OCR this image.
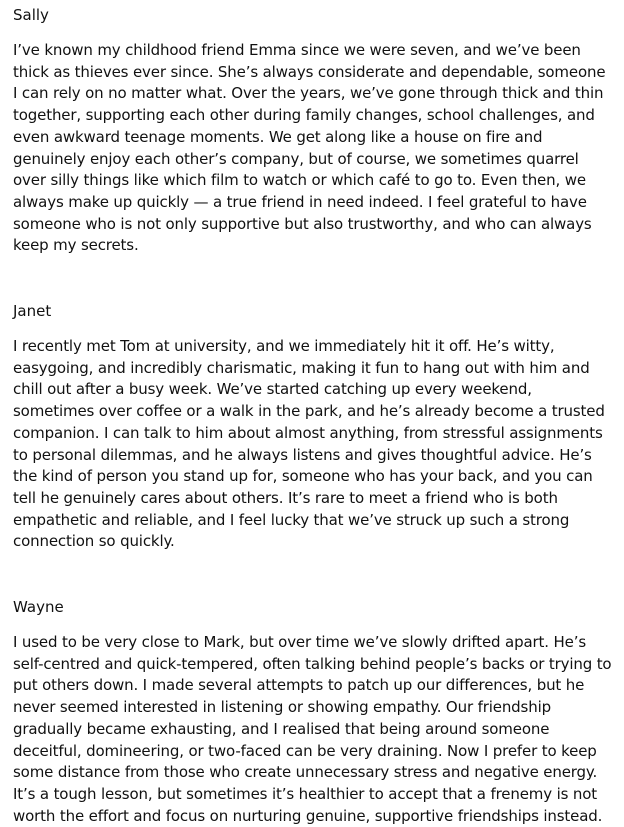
Sally

I’ve known my childhood friend Emma since we were seven, and we’ve been thick as thieves ever since. She’s always considerate and dependable, someone I can rely on no matter what. Over the years, we’ve gone through thick and thin together, supporting each other during family changes, school challenges, and even awkward teenage moments. We get along like a house on fire and genuinely enjoy each other’s company, but of course, we sometimes quarrel over silly things like which film to watch or which café to go to. Even then, we always make up quickly — a true friend in need indeed. I feel grateful to have someone who is not only supportive but also trustworthy, and who can always keep my secrets.

Janet

I recently met Tom at university, and we immediately hit it off. He’s witty, easygoing, and incredibly charismatic, making it fun to hang out with him and chill out after a busy week. We’ve started catching up every weekend, sometimes over coffee or a walk in the park, and he’s already become a trusted companion. I can talk to him about almost anything, from stressful assignments to personal dilemmas, and he always listens and gives thoughtful advice. He’s the kind of person you stand up for, someone who has your back, and you can tell he genuinely cares about others. It’s rare to meet a friend who is both empathetic and reliable, and I feel lucky that we’ve struck up such a strong connection so quickly.

Wayne

I used to be very close to Mark, but over time we’ve slowly drifted apart. He’s self-centred and quick-tempered, often talking behind people’s backs or trying to put others down. I made several attempts to patch up our differences, but he never seemed interested in listening or showing empathy. Our friendship gradually became exhausting, and I realised that being around someone deceitful, domineering, or two-faced can be very draining. Now I prefer to keep some distance from those who create unnecessary stress and negative energy. It’s a tough lesson, but sometimes it’s healthier to accept that a frenemy is not worth the effort and focus on nurturing genuine, supportive friendships instead.
